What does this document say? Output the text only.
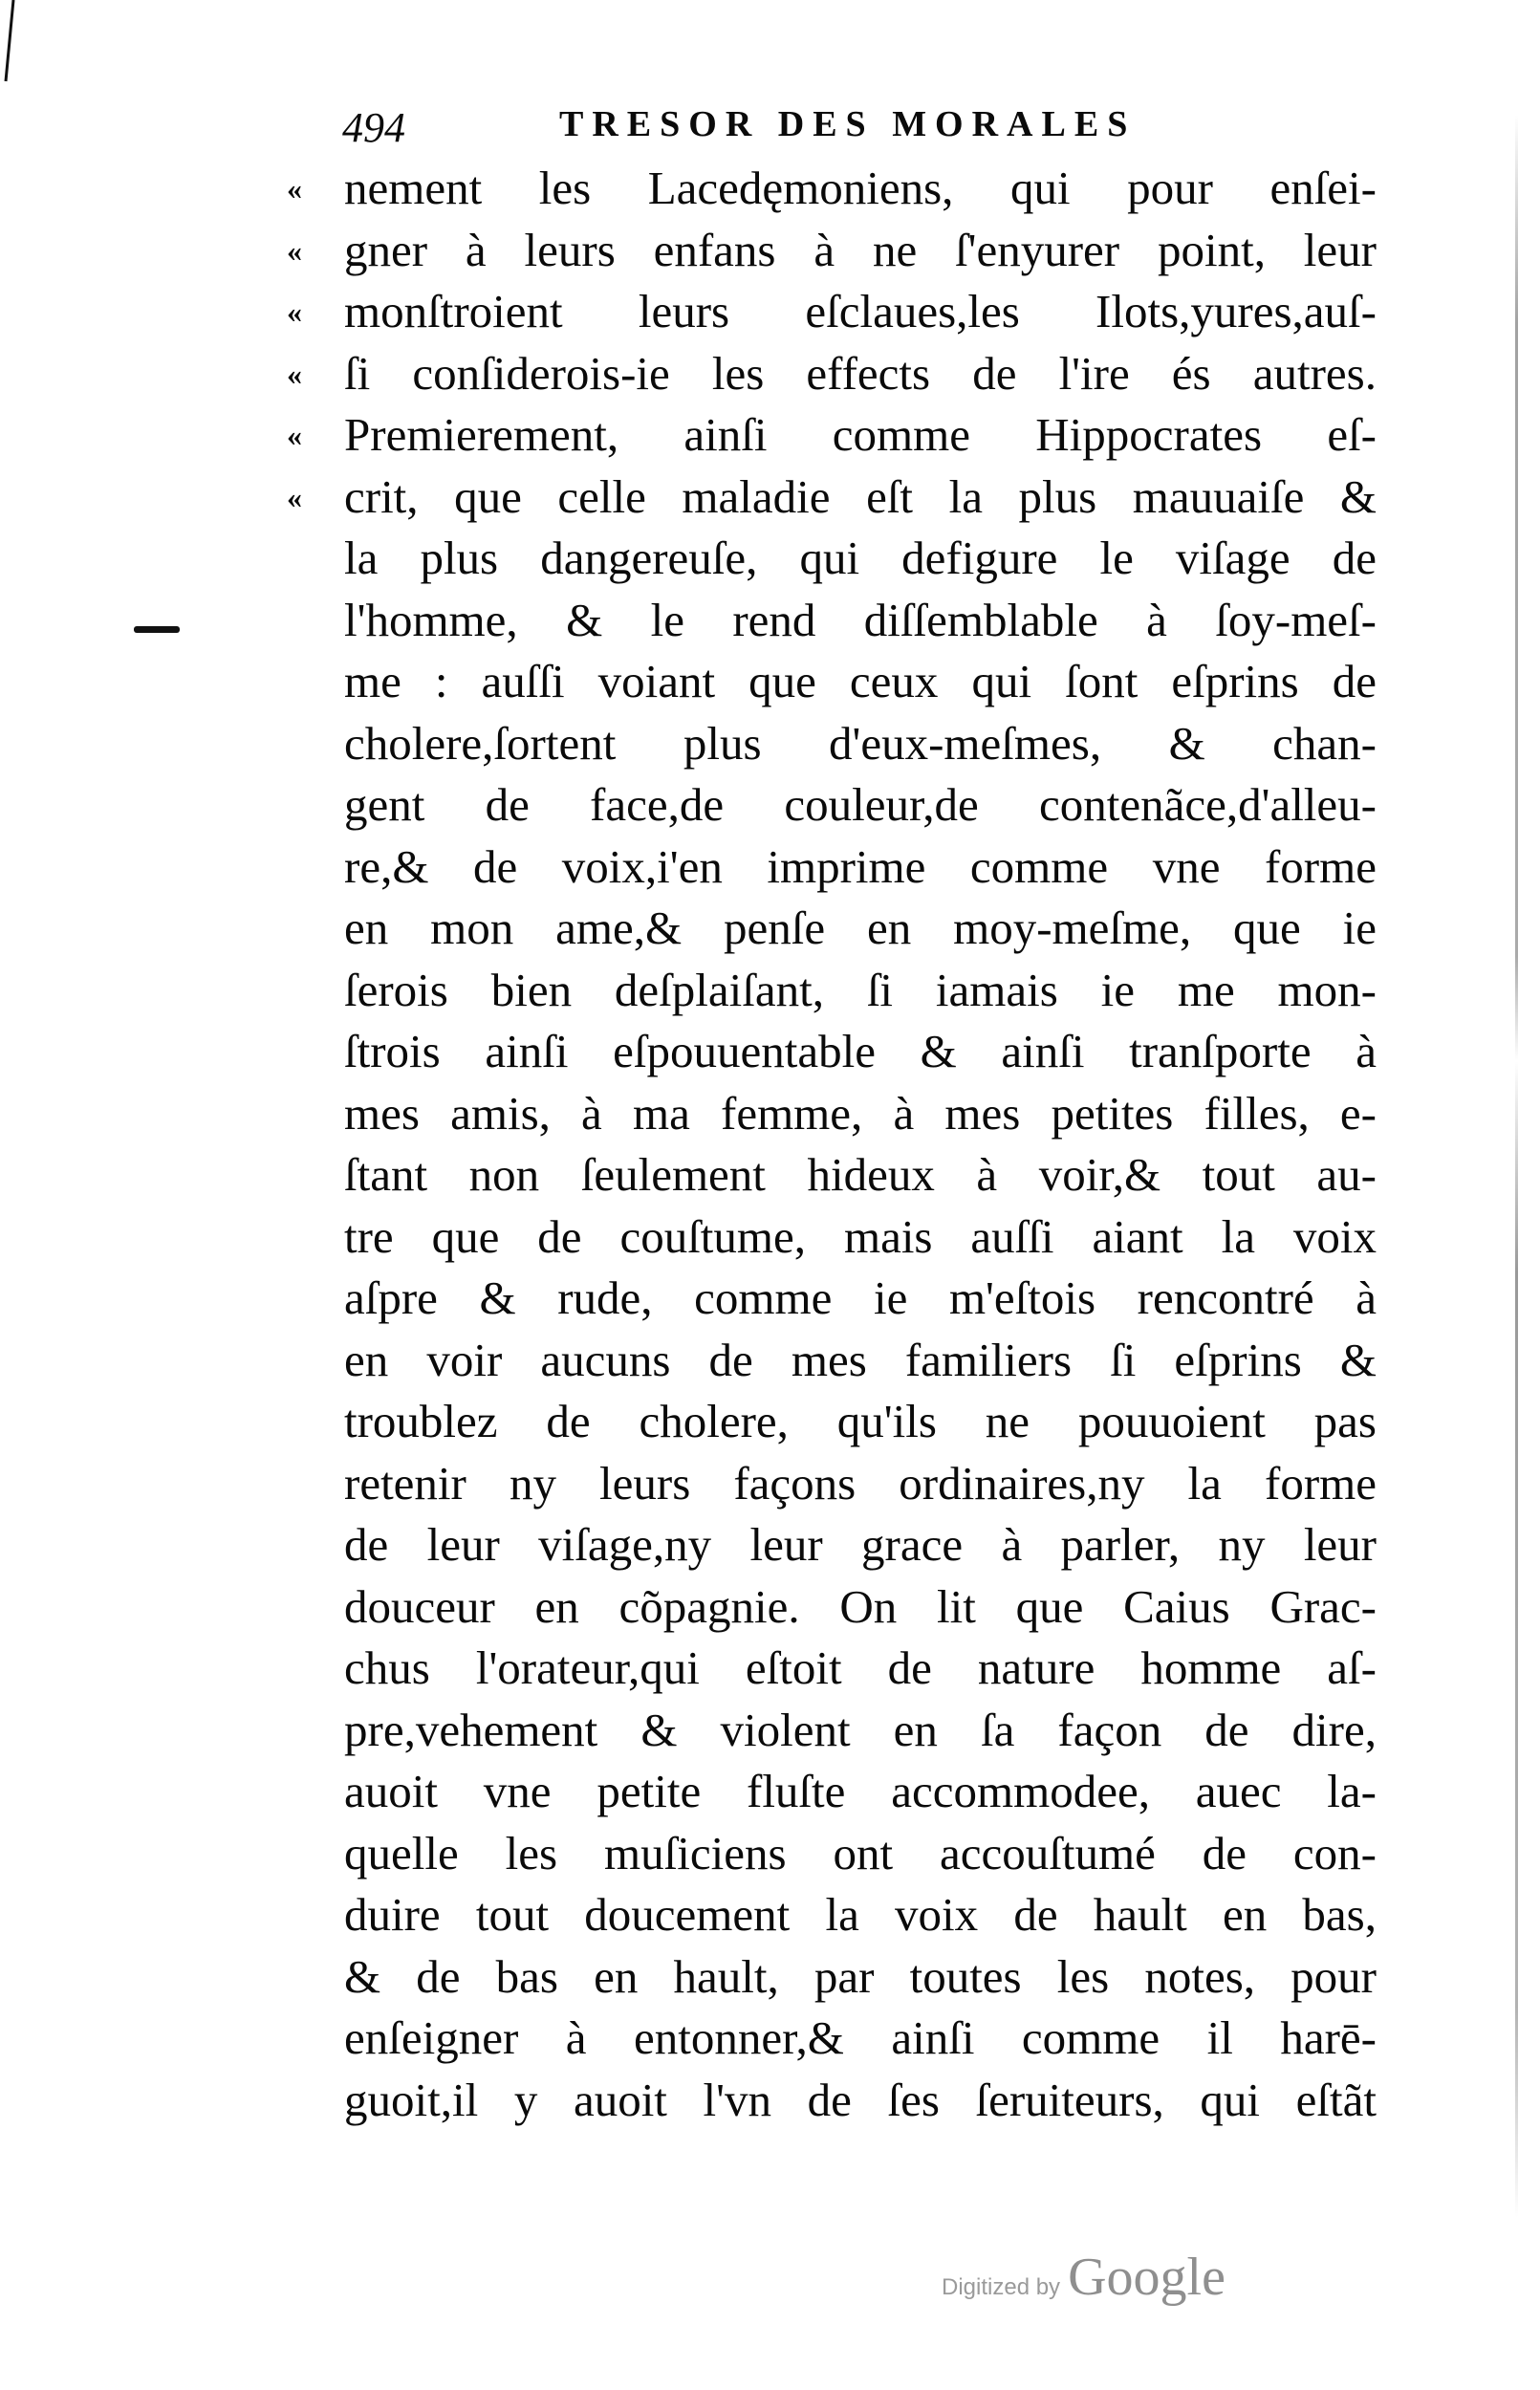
494	TRESOR DES MORALES
« nement les Lacedęmoniens, qui pour enſei-
« gner à leurs enfans à ne ſ'enyurer point, leur
« monſtroient leurs eſclaues,les Ilots,yures,auſ-
« ſi conſiderois-ie les effects de l'ire és autres.
« Premierement, ainſi comme Hippocrates eſ-
« crit, que celle maladie eſt la plus mauuaiſe &
la plus dangereuſe, qui defigure le viſage de
l'homme, & le rend diſſemblable à ſoy-meſ-
me : auſſi voiant que ceux qui ſont eſprins de
cholere,ſortent plus d'eux-meſmes, & chan-
gent de face,de couleur,de contenãce,d'alleu-
re,& de voix,i'en imprime comme vne forme
en mon ame,& penſe en moy-meſme, que ie
ſerois bien deſplaiſant, ſi iamais ie me mon-
ſtrois ainſi eſpouuentable & ainſi tranſporte à
mes amis, à ma femme, à mes petites filles, e-
ſtant non ſeulement hideux à voir,& tout au-
tre que de couſtume, mais auſſi aiant la voix
aſpre & rude, comme ie m'eſtois rencontré à
en voir aucuns de mes familiers ſi eſprins &
troublez de cholere, qu'ils ne pouuoient pas
retenir ny leurs façons ordinaires,ny la forme
de leur viſage,ny leur grace à parler, ny leur
douceur en cõpagnie. On lit que Caius Grac-
chus l'orateur,qui eſtoit de nature homme aſ-
pre,vehement & violent en ſa façon de dire,
auoit vne petite fluſte accommodee, auec la-
quelle les muſiciens ont accouſtumé de con-
duire tout doucement la voix de hault en bas,
& de bas en hault, par toutes les notes, pour
enſeigner à entonner,& ainſi comme il harē-
guoit,il y auoit l'vn de ſes ſeruiteurs, qui eſtãt
Digitized by Google
